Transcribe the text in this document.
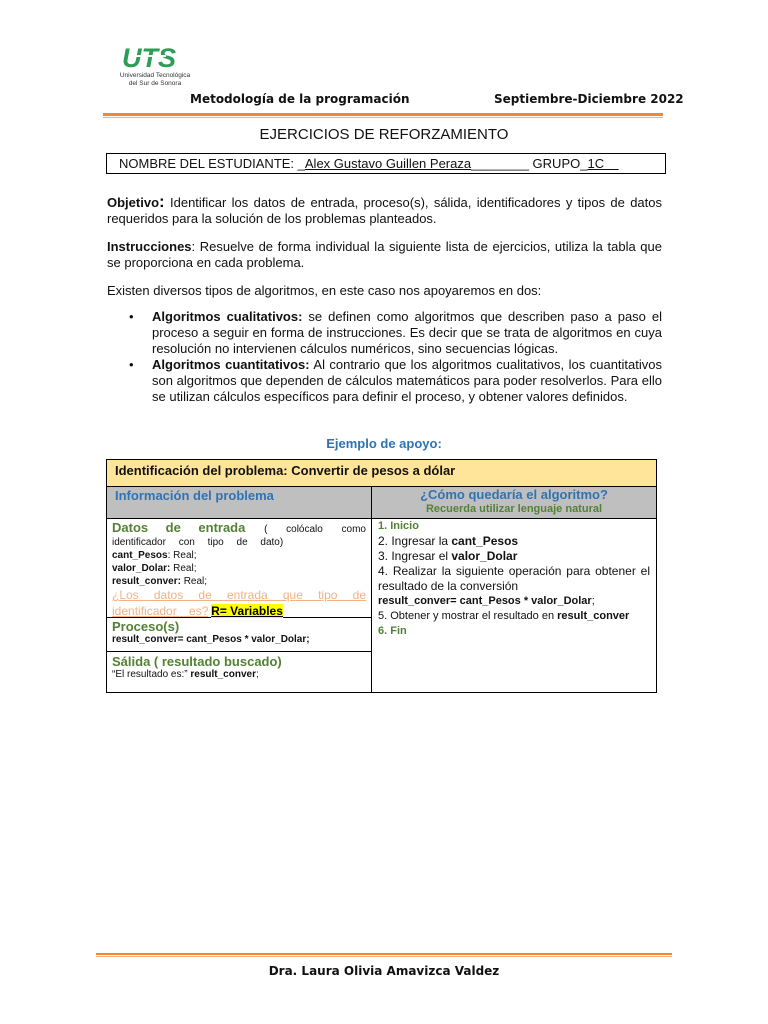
UTS
Universidad Tecnológica
del Sur de Sonora
Metodología de la programación	Septiembre-Diciembre 2022
EJERCICIOS DE REFORZAMIENTO
NOMBRE DEL ESTUDIANTE: _Alex Gustavo Guillen Peraza________ GRUPO_1C__
Objetivo: Identificar los datos de entrada, proceso(s), sálida, identificadores y tipos de datos requeridos para la solución de los problemas planteados.
Instrucciones: Resuelve de forma individual la siguiente lista de ejercicios, utiliza la tabla que se proporciona en cada problema.
Existen diversos tipos de algoritmos, en este caso nos apoyaremos en dos:
• Algoritmos cualitativos: se definen como algoritmos que describen paso a paso el proceso a seguir en forma de instrucciones. Es decir que se trata de algoritmos en cuya resolución no intervienen cálculos numéricos, sino secuencias lógicas.
• Algoritmos cuantitativos: Al contrario que los algoritmos cualitativos, los cuantitativos son algoritmos que dependen de cálculos matemáticos para poder resolverlos. Para ello se utilizan cálculos específicos para definir el proceso, y obtener valores definidos.
Ejemplo de apoyo:
Identificación del problema: Convertir de pesos a dólar
Información del problema	¿Cómo quedaría el algoritmo?
Recuerda utilizar lenguaje natural
Datos de entrada ( colócalo como identificador con tipo de dato)
cant_Pesos: Real;
valor_Dolar: Real;
result_conver: Real;
¿Los datos de entrada que tipo de identificador es? R= Variables
Proceso(s)
result_conver= cant_Pesos * valor_Dolar;
Sálida ( resultado buscado)
“El resultado es:” result_conver;
1. Inicio
2. Ingresar la cant_Pesos
3. Ingresar el valor_Dolar
4. Realizar la siguiente operación para obtener el resultado de la conversión
result_conver= cant_Pesos * valor_Dolar;
5. Obtener y mostrar el resultado en result_conver
6. Fin
Dra. Laura Olivia Amavizca Valdez
